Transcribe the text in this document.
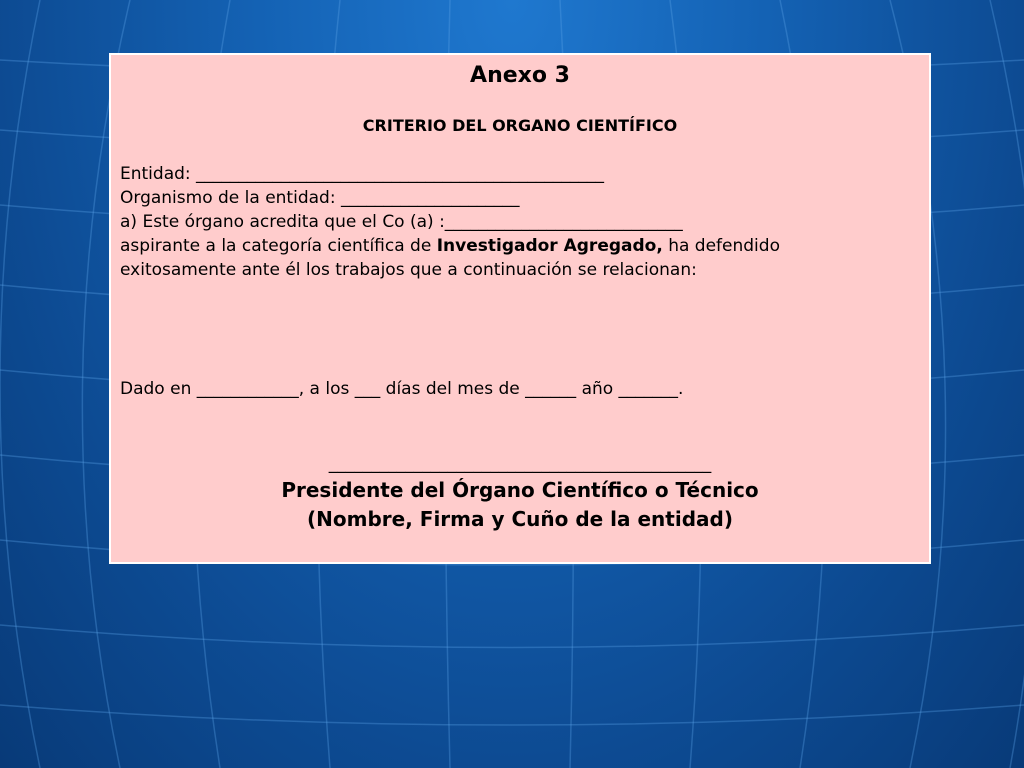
Anexo 3
CRITERIO DEL ORGANO CIENTÍFICO
Entidad: ________________________________________________
Organismo de la entidad: _____________________
a) Este órgano acredita que el Co (a) :____________________________
aspirante a la categoría científica de Investigador Agregado, ha defendido
exitosamente ante él los trabajos que a continuación se relacionan:
Dado en ____________, a los ___ días del mes de ______ año _______.
_____________________________________________
Presidente del Órgano Científico o Técnico
(Nombre, Firma y Cuño de la entidad)
